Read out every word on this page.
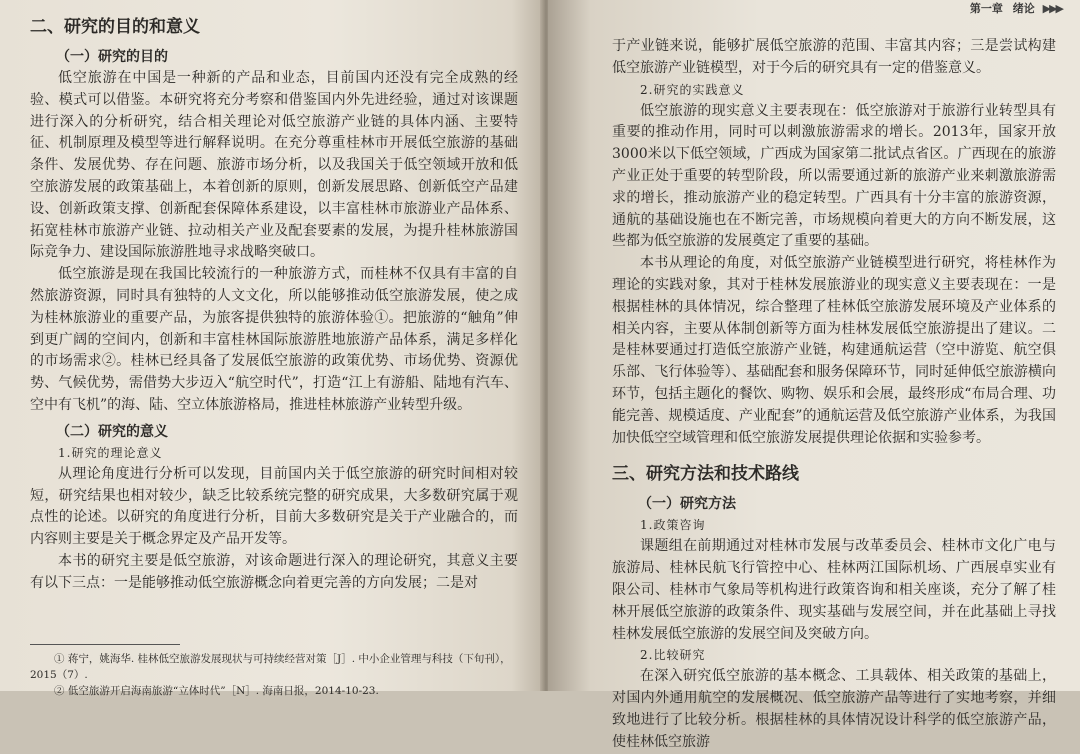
二、研究的目的和意义
（一）研究的目的

低空旅游在中国是一种新的产品和业态，目前国内还没有完全成熟的经验、模式可以借鉴。本研究将充分考察和借鉴国内外先进经验，通过对该课题进行深入的分析研究，结合相关理论对低空旅游产业链的具体内涵、主要特征、机制原理及模型等进行解释说明。在充分尊重桂林市开展低空旅游的基础条件、发展优势、存在问题、旅游市场分析，以及我国关于低空领域开放和低空旅游发展的政策基础上，本着创新的原则，创新发展思路、创新低空产品建设、创新政策支撑、创新配套保障体系建设，以丰富桂林市旅游业产品体系、拓宽桂林市旅游产业链、拉动相关产业及配套要素的发展，为提升桂林旅游国际竞争力、建设国际旅游胜地寻求战略突破口。

低空旅游是现在我国比较流行的一种旅游方式，而桂林不仅具有丰富的自然旅游资源，同时具有独特的人文文化，所以能够推动低空旅游发展，使之成为桂林旅游业的重要产品，为旅客提供独特的旅游体验①。把旅游的“触角”伸到更广阔的空间内，创新和丰富桂林国际旅游胜地旅游产品体系，满足多样化的市场需求②。桂林已经具备了发展低空旅游的政策优势、市场优势、资源优势、气候优势，需借势大步迈入“航空时代”，打造“江上有游船、陆地有汽车、空中有飞机”的海、陆、空立体旅游格局，推进桂林旅游产业转型升级。

（二）研究的意义
1.研究的理论意义

从理论角度进行分析可以发现，目前国内关于低空旅游的研究时间相对较短，研究结果也相对较少，缺乏比较系统完整的研究成果，大多数研究属于观点性的论述。以研究的角度进行分析，目前大多数研究是关于产业融合的，而内容则主要是关于概念界定及产品开发等。

本书的研究主要是低空旅游，对该命题进行深入的理论研究，其意义主要有以下三点：一是能够推动低空旅游概念向着更完善的方向发展；二是对

① 蒋宁，姚海华. 桂林低空旅游发展现状与可持续经营对策［J］. 中小企业管理与科技（下旬刊），2015（7）.
② 低空旅游开启海南旅游“立体时代”［N］. 海南日报，2014-10-23.
第一章 绪论 ▶▶▶

于产业链来说，能够扩展低空旅游的范围、丰富其内容；三是尝试构建低空旅游产业链模型，对于今后的研究具有一定的借鉴意义。

2.研究的实践意义

低空旅游的现实意义主要表现在：低空旅游对于旅游行业转型具有重要的推动作用，同时可以刺激旅游需求的增长。2013年，国家开放3000米以下低空领域，广西成为国家第二批试点省区。广西现在的旅游产业正处于重要的转型阶段，所以需要通过新的旅游产业来刺激旅游需求的增长，推动旅游产业的稳定转型。广西具有十分丰富的旅游资源，通航的基础设施也在不断完善，市场规模向着更大的方向不断发展，这些都为低空旅游的发展奠定了重要的基础。

本书从理论的角度，对低空旅游产业链模型进行研究，将桂林作为理论的实践对象，其对于桂林发展旅游业的现实意义主要表现在：一是根据桂林的具体情况，综合整理了桂林低空旅游发展环境及产业体系的相关内容，主要从体制创新等方面为桂林发展低空旅游提出了建议。二是桂林要通过打造低空旅游产业链，构建通航运营（空中游览、航空俱乐部、飞行体验等）、基础配套和服务保障环节，同时延伸低空旅游横向环节，包括主题化的餐饮、购物、娱乐和会展，最终形成“布局合理、功能完善、规模适度、产业配套”的通航运营及低空旅游产业体系，为我国加快低空空域管理和低空旅游发展提供理论依据和实验参考。

三、研究方法和技术路线
（一）研究方法
1.政策咨询

课题组在前期通过对桂林市发展与改革委员会、桂林市文化广电与旅游局、桂林民航飞行管控中心、桂林两江国际机场、广西展卓实业有限公司、桂林市气象局等机构进行政策咨询和相关座谈，充分了解了桂林开展低空旅游的政策条件、现实基础与发展空间，并在此基础上寻找桂林发展低空旅游的发展空间及突破方向。

2.比较研究

在深入研究低空旅游的基本概念、工具载体、相关政策的基础上，对国内外通用航空的发展概况、低空旅游产品等进行了实地考察，并细致地进行了比较分析。根据桂林的具体情况设计科学的低空旅游产品，使桂林低空旅游
